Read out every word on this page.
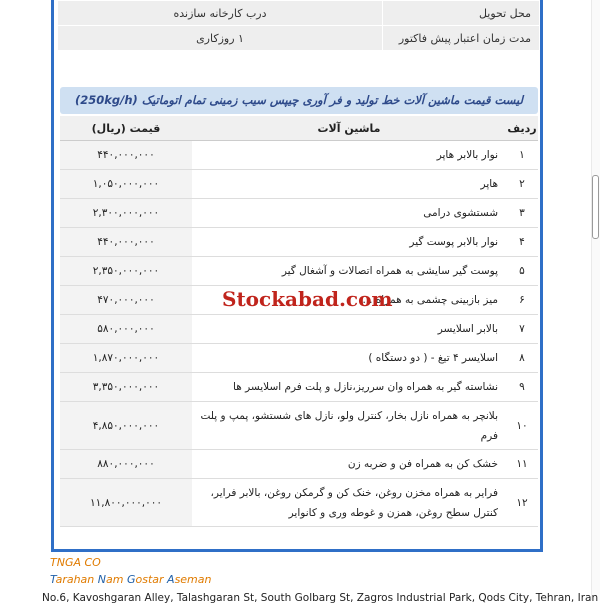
درب کارخانه سازنده	محل تحویل
۱ روزکاری	مدت زمان اعتبار پیش فاکتور
لیست قیمت ماشین آلات خط تولید و فر آوری چیپس سیب زمینی تمام اتوماتیک (250kg/h)
ردیف	ماشین آلات	قیمت (ریال)
۱	نوار بالابر هاپر	۴۴۰,۰۰۰,۰۰۰
۲	هاپر	۱,۰۵۰,۰۰۰,۰۰۰
۳	شستشوی درامی	۲,۳۰۰,۰۰۰,۰۰۰
۴	نوار بالابر پوست گیر	۴۴۰,۰۰۰,۰۰۰
۵	پوست گیر سایشی به همراه اتصالات و آشغال گیر	۲,۳۵۰,۰۰۰,۰۰۰
۶	میز بازبینی چشمی به همراه ...	۴۷۰,۰۰۰,۰۰۰
۷	بالابر اسلایسر	۵۸۰,۰۰۰,۰۰۰
۸	اسلایسر ۴ تیغ - ( دو دستگاه )	۱,۸۷۰,۰۰۰,۰۰۰
۹	نشاسته گیر به همراه وان سرریز،نازل و پلت فرم اسلایسر ها	۳,۳۵۰,۰۰۰,۰۰۰
۱۰	بلانچر به همراه نازل بخار، کنترل ولو، نازل های شستشو، پمپ و پلت فرم	۴,۸۵۰,۰۰۰,۰۰۰
۱۱	خشک کن به همراه فن و ضربه زن	۸۸۰,۰۰۰,۰۰۰
۱۲	فرایر به همراه مخزن روغن، خنک کن و گرمکن روغن، بالابر فرایر، کنترل سطح روغن، همزن و غوطه وری و کانوایر	۱۱,۸۰۰,۰۰۰,۰۰۰
Stockabad.com
TNGA CO
Tarahan Nam Gostar Aseman
No.6, Kavoshgaran Alley, Talashgaran St, South Golbarg St, Zagros Industrial Park, Qods City, Tehran, Iran
